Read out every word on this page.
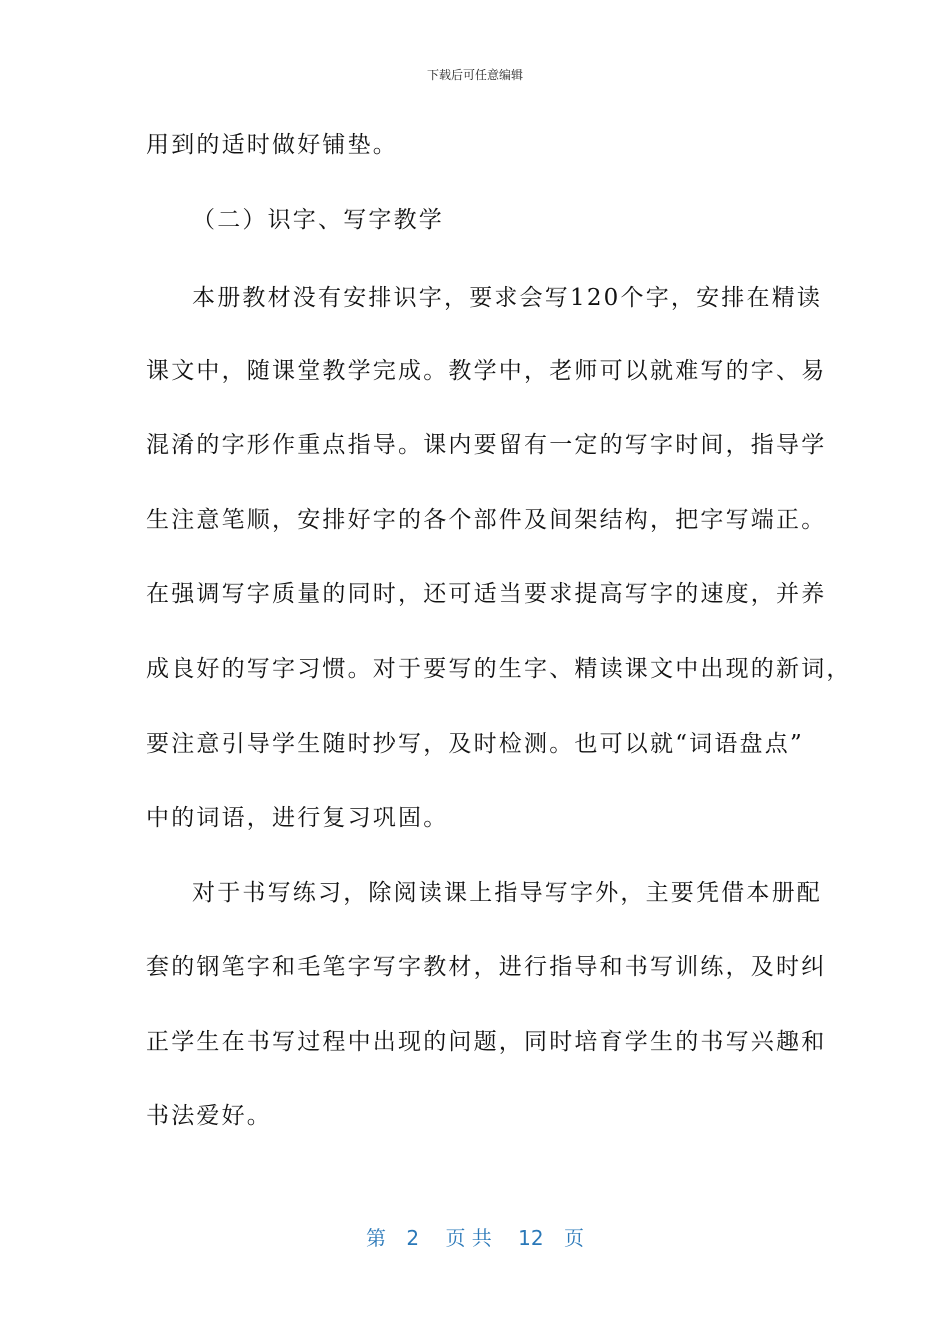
下载后可任意编辑
用到的适时做好铺垫。
（二）识字、写字教学
本册教材没有安排识字，要求会写120个字，安排在精读
课文中，随课堂教学完成。教学中，老师可以就难写的字、易
混淆的字形作重点指导。课内要留有一定的写字时间，指导学
生注意笔顺，安排好字的各个部件及间架结构，把字写端正。
在强调写字质量的同时，还可适当要求提高写字的速度，并养
成良好的写字习惯。对于要写的生字、精读课文中出现的新词，
要注意引导学生随时抄写，及时检测。也可以就“词语盘点”
中的词语，进行复习巩固。
对于书写练习，除阅读课上指导写字外，主要凭借本册配
套的钢笔字和毛笔字写字教材，进行指导和书写训练，及时纠
正学生在书写过程中出现的问题，同时培育学生的书写兴趣和
书法爱好。
第 2 页 共 12 页
